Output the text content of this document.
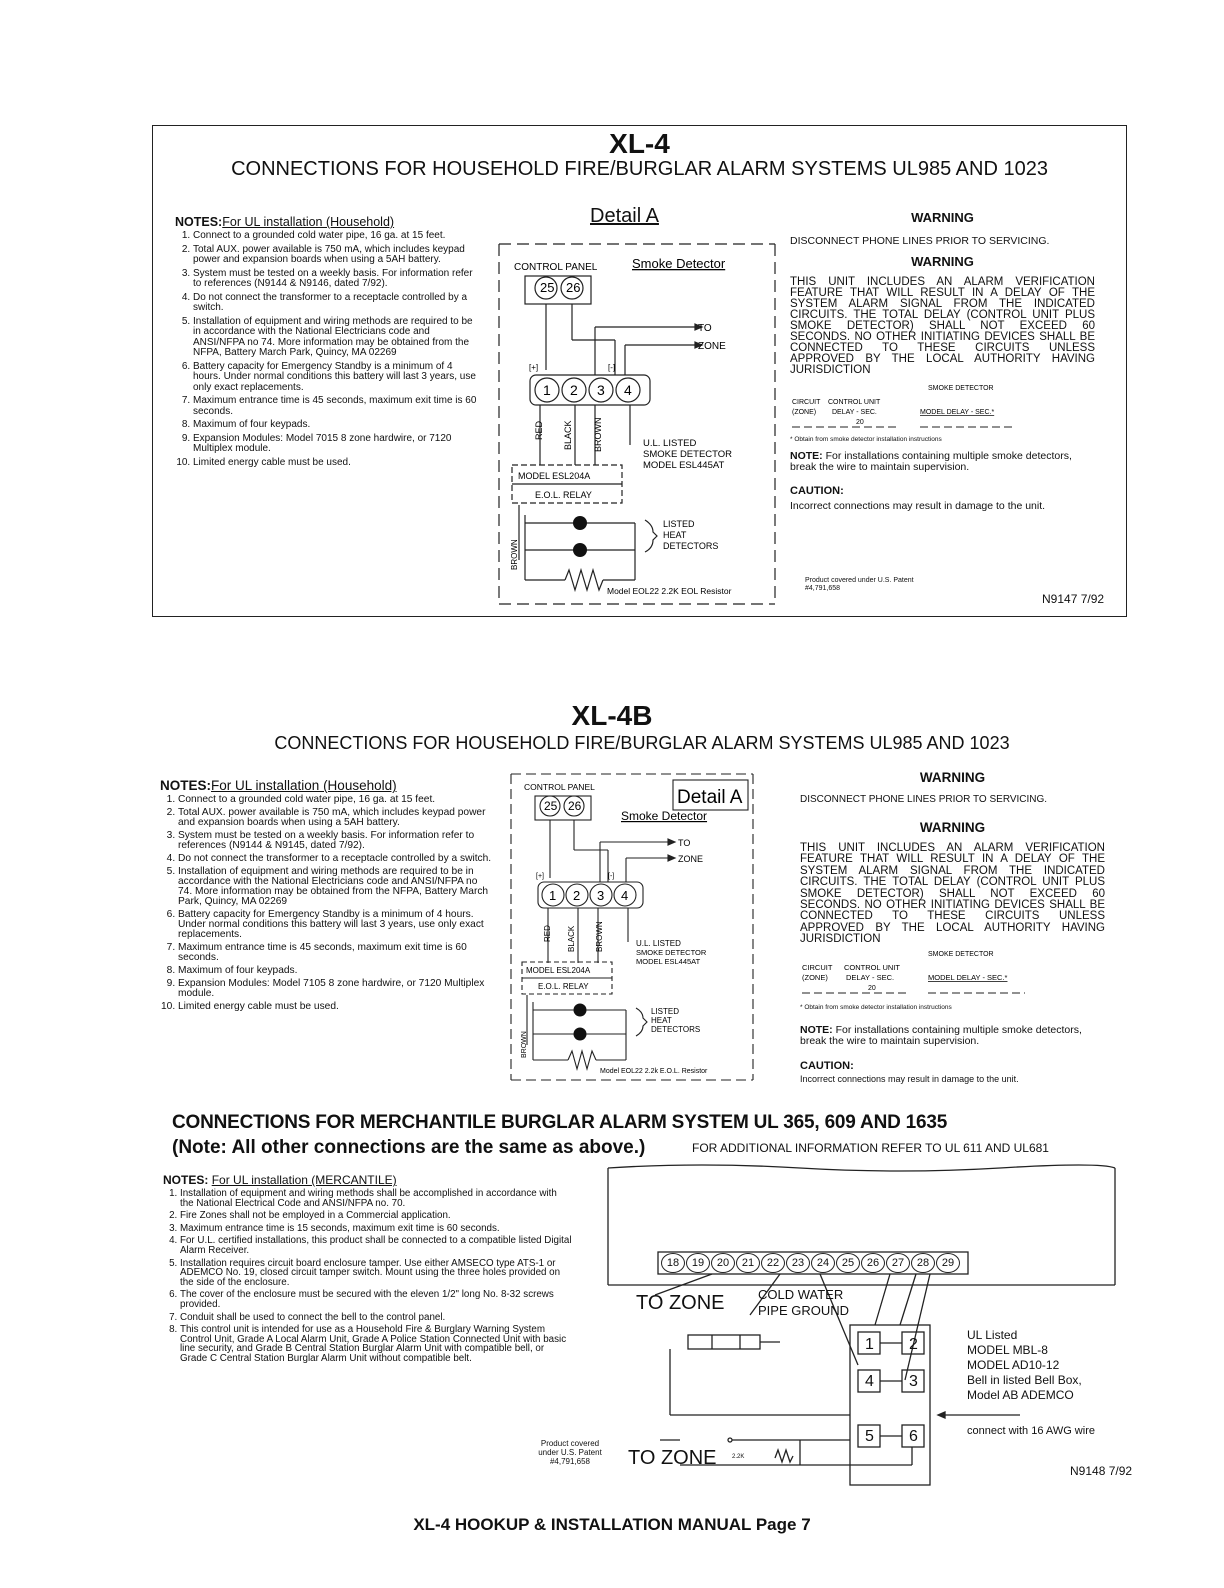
XL-4
CONNECTIONS FOR HOUSEHOLD FIRE/BURGLAR ALARM SYSTEMS UL985 AND 1023
NOTES:For UL installation (Household)
1. Connect to a grounded cold water pipe, 16 ga. at 15 feet.
2. Total AUX. power available is 750 mA, which includes keypad power and expansion boards when using a 5AH battery.
3. System must be tested on a weekly basis. For information refer to references (N9144 & N9146, dated 7/92).
4. Do not connect the transformer to a receptacle controlled by a switch.
5. Installation of equipment and wiring methods are required to be in accordance with the National Electricians code and ANSI/NFPA no 74. More information may be obtained from the NFPA, Battery March Park, Quincy, MA 02269
6. Battery capacity for Emergency Standby is a minimum of 4 hours. Under normal conditions this battery will last 3 years, use only exact replacements.
7. Maximum entrance time is 45 seconds, maximum exit time is 60 seconds.
8. Maximum of four keypads.
9. Expansion Modules: Model 7015 8 zone hardwire, or 7120 Multiplex module.
10. Limited energy cable must be used.
Detail A
CONTROL PANEL	Smoke Detector
25 26
TO
ZONE
[+]	[-]
1 2 3 4
RED BLACK BROWN	U.L. LISTED
SMOKE DETECTOR
MODEL ESL445AT
MODEL ESL204A
E.O.L. RELAY
LISTED
HEAT
DETECTORS
Model EOL22 2.2K EOL Resistor
BROWN
WARNING
DISCONNECT PHONE LINES PRIOR TO SERVICING.
WARNING
THIS UNIT INCLUDES AN ALARM VERIFICATION FEATURE THAT WILL RESULT IN A DELAY OF THE SYSTEM ALARM SIGNAL FROM THE INDICATED CIRCUITS. THE TOTAL DELAY (CONTROL UNIT PLUS SMOKE DETECTOR) SHALL NOT EXCEED 60 SECONDS. NO OTHER INITIATING DEVICES SHALL BE CONNECTED TO THESE CIRCUITS UNLESS APPROVED BY THE LOCAL AUTHORITY HAVING JURISDICTION
SMOKE DETECTOR
CIRCUIT CONTROL UNIT
(ZONE) DELAY - SEC.	MODEL DELAY - SEC.*
20
* Obtain from smoke detector installation instructions
NOTE: For installations containing multiple smoke detectors, break the wire to maintain supervision.
CAUTION:
Incorrect connections may result in damage to the unit.
Product covered under U.S. Patent #4,791,658
N9147 7/92
XL-4B
CONNECTIONS FOR HOUSEHOLD FIRE/BURGLAR ALARM SYSTEMS UL985 AND 1023
NOTES:For UL installation (Household)
1. Connect to a grounded cold water pipe, 16 ga. at 15 feet.
2. Total AUX. power available is 750 mA, which includes keypad power and expansion boards when using a 5AH battery.
3. System must be tested on a weekly basis. For information refer to references (N9144 & N9145, dated 7/92).
4. Do not connect the transformer to a receptacle controlled by a switch.
5. Installation of equipment and wiring methods are required to be in accordance with the National Electricians code and ANSI/NFPA no 74. More information may be obtained from the NFPA, Battery March Park, Quincy, MA 02269
6. Battery capacity for Emergency Standby is a minimum of 4 hours. Under normal conditions this battery will last 3 years, use only exact replacements.
7. Maximum entrance time is 45 seconds, maximum exit time is 60 seconds.
8. Maximum of four keypads.
9. Expansion Modules: Model 7105 8 zone hardwire, or 7120 Multiplex module.
10. Limited energy cable must be used.
Detail A
CONTROL PANEL
Smoke Detector
25 26
TO
ZONE
[+]	[-]
1 2 3 4
RED BLACK BROWN	U.L. LISTED
SMOKE DETECTOR
MODEL ESL445AT
MODEL ESL204A
E.O.L. RELAY
LISTED
HEAT
DETECTORS
Model EOL22 2.2k E.O.L. Resistor
BROWN
WARNING
DISCONNECT PHONE LINES PRIOR TO SERVICING.
WARNING
THIS UNIT INCLUDES AN ALARM VERIFICATION FEATURE THAT WILL RESULT IN A DELAY OF THE SYSTEM ALARM SIGNAL FROM THE INDICATED CIRCUITS. THE TOTAL DELAY (CONTROL UNIT PLUS SMOKE DETECTOR) SHALL NOT EXCEED 60 SECONDS. NO OTHER INITIATING DEVICES SHALL BE CONNECTED TO THESE CIRCUITS UNLESS APPROVED BY THE LOCAL AUTHORITY HAVING JURISDICTION
SMOKE DETECTOR
CIRCUIT CONTROL UNIT
(ZONE) DELAY - SEC.	MODEL DELAY - SEC.*
20
* Obtain from smoke detector installation instructions
NOTE: For installations containing multiple smoke detectors, break the wire to maintain supervision.
CAUTION:
Incorrect connections may result in damage to the unit.
CONNECTIONS FOR MERCHANTILE BURGLAR ALARM SYSTEM UL 365, 609 AND 1635
(Note: All other connections are the same as above.)	FOR ADDITIONAL INFORMATION REFER TO UL 611 AND UL681
NOTES: For UL installation (MERCANTILE)
1. Installation of equipment and wiring methods shall be accomplished in accordance with the National Electrical Code and ANSI/NFPA no. 70.
2. Fire Zones shall not be employed in a Commercial application.
3. Maximum entrance time is 15 seconds, maximum exit time is 60 seconds.
4. For U.L. certified installations, this product shall be connected to a compatible listed Digital Alarm Receiver.
5. Installation requires circuit board enclosure tamper. Use either AMSECO type ATS-1 or ADEMCO No. 19, closed circuit tamper switch. Mount using the three holes provided on the side of the enclosure.
6. The cover of the enclosure must be secured with the eleven 1/2" long No. 8-32 screws provided.
7. Conduit shall be used to connect the bell to the control panel.
8. This control unit is intended for use as a Household Fire & Burglary Warning System Control Unit, Grade A Local Alarm Unit, Grade A Police Station Connected Unit with basic line security, and Grade B Central Station Burglar Alarm Unit with compatible bell, or Grade C Central Station Burglar Alarm Unit without compatible belt.
18	19	20	21	22	23	24	25	26	27	28	29
TO ZONE	COLD WATER
PIPE GROUND
1 2
4 3
5 6
UL Listed
MODEL MBL-8
MODEL AD10-12
Bell in listed Bell Box,
Model AB ADEMCO
connect with 16 AWG wire
Product covered under U.S. Patent #4,791,658	TO ZONE	2.2K
N9148 7/92
XL-4 HOOKUP & INSTALLATION MANUAL Page 7
